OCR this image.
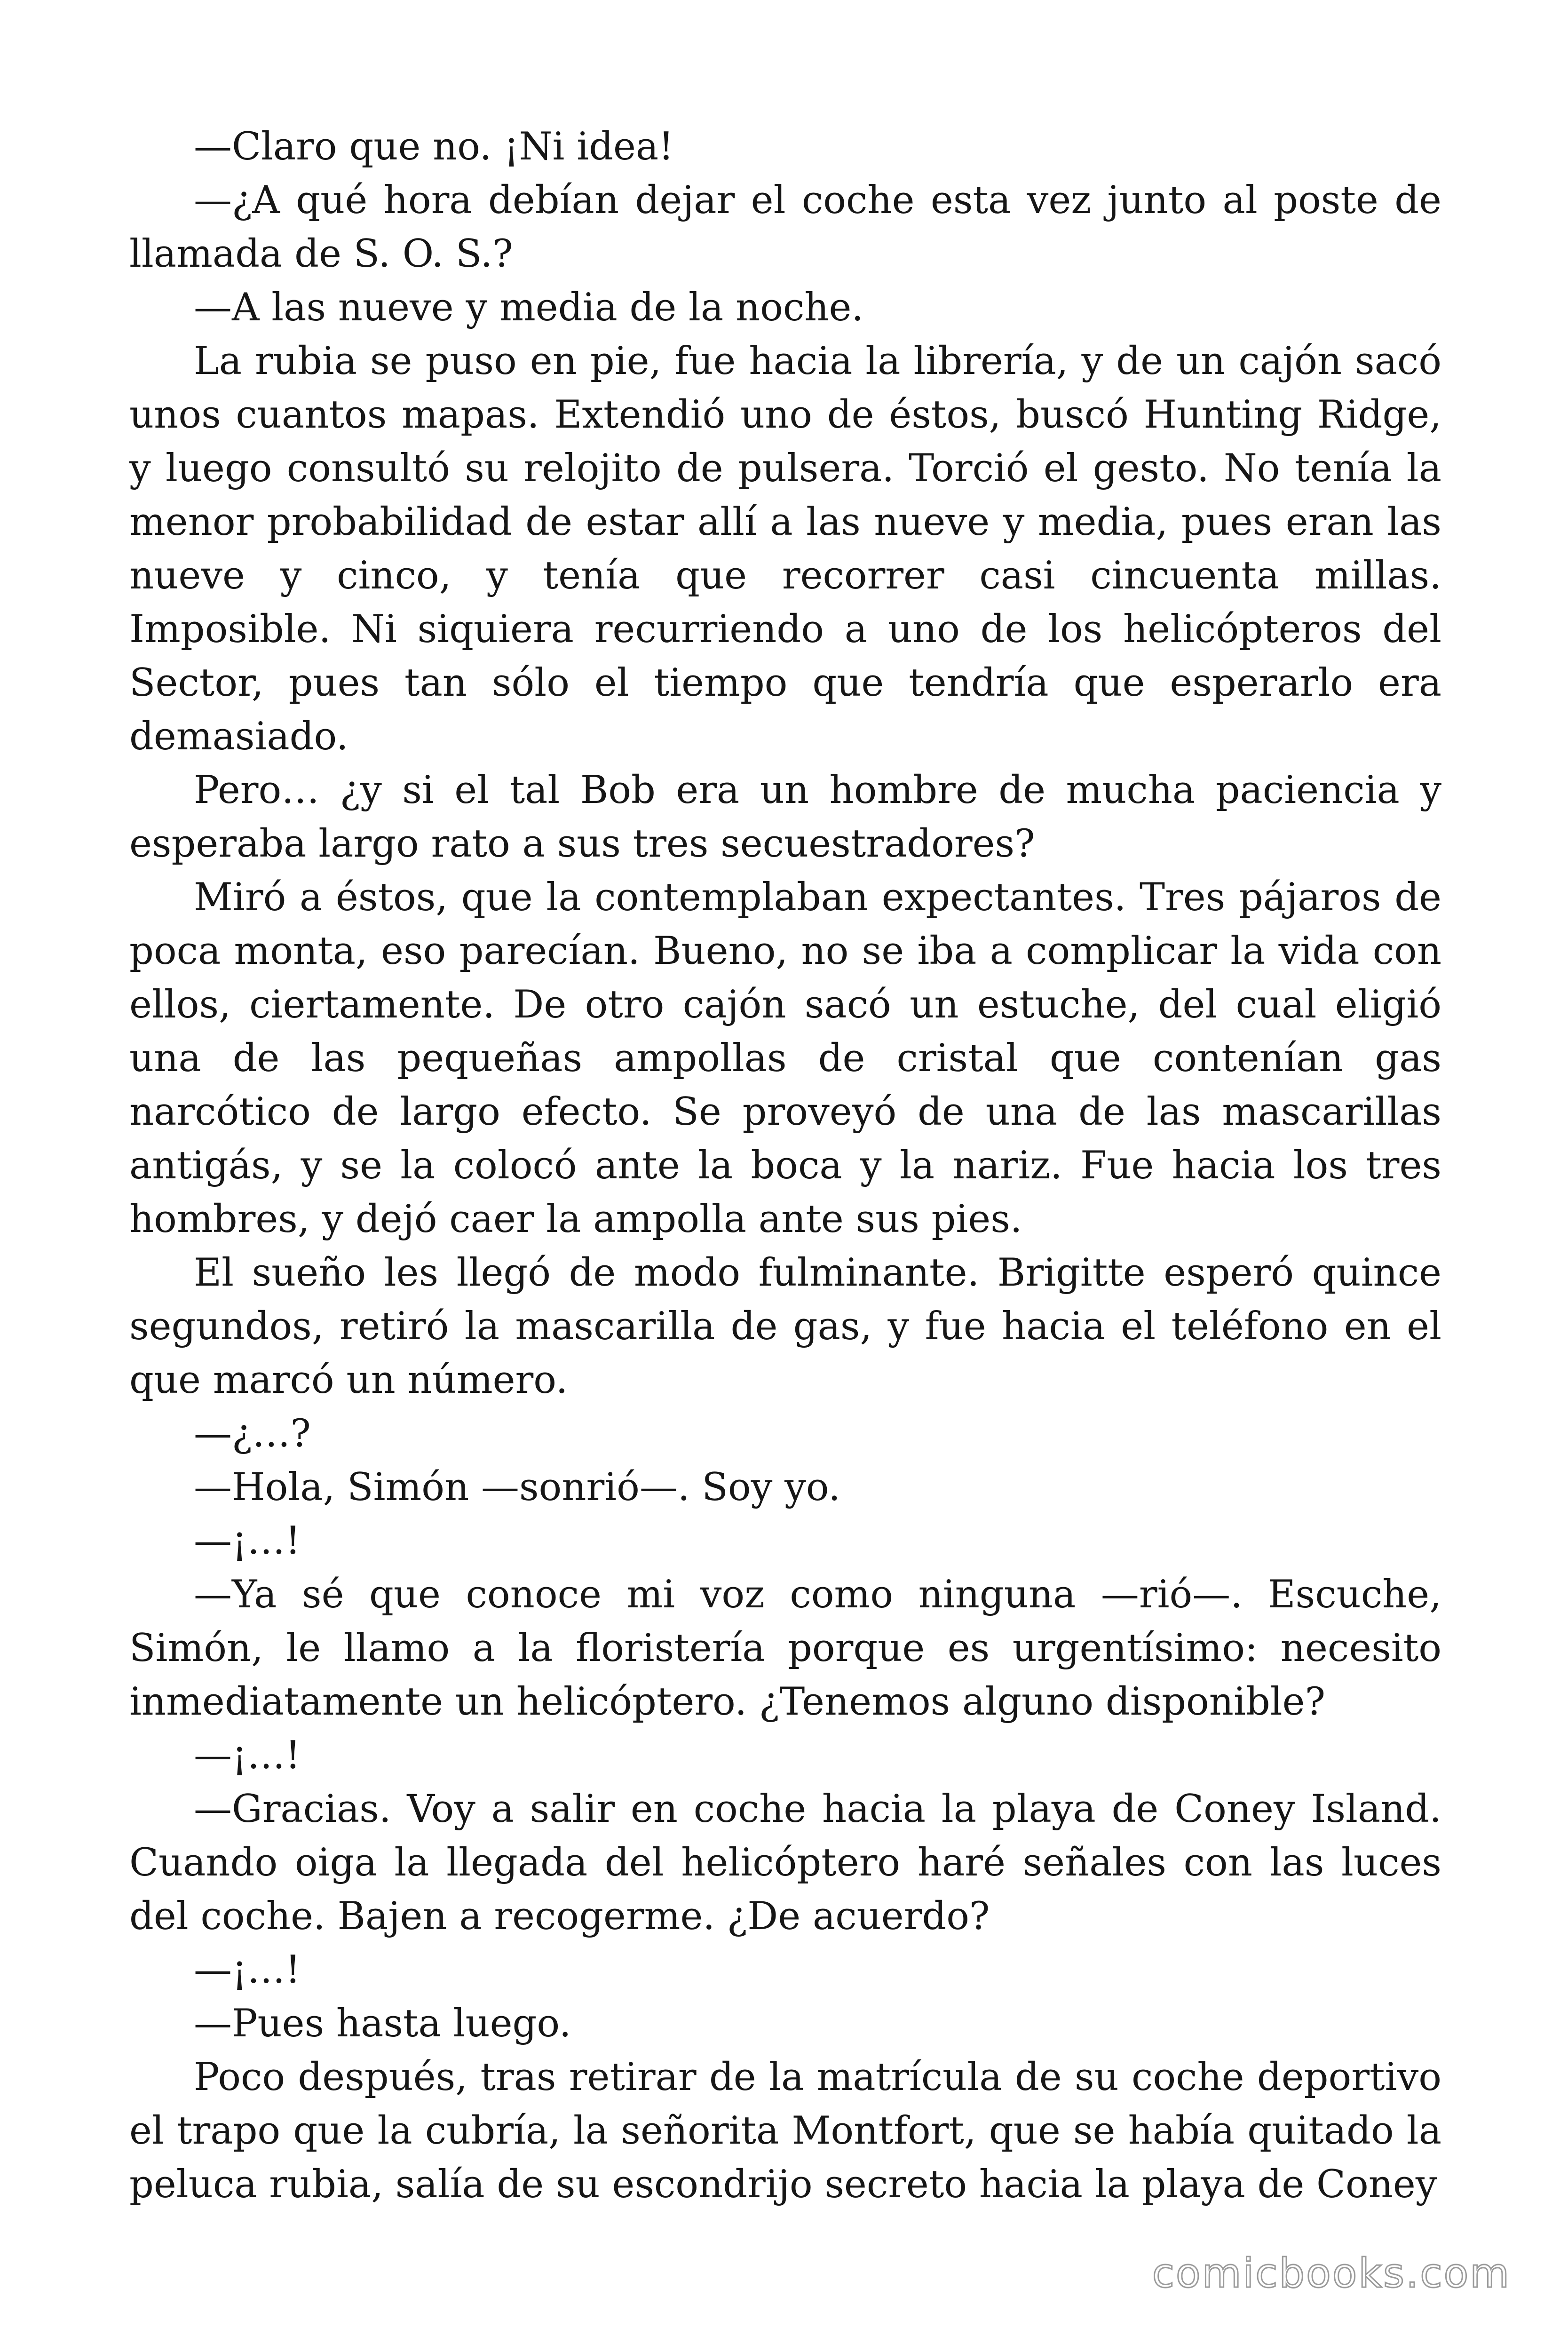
—Claro que no. ¡Ni idea!

—¿A qué hora debían dejar el coche esta vez junto al poste de llamada de S. O. S.?

—A las nueve y media de la noche.

La rubia se puso en pie, fue hacia la librería, y de un cajón sacó unos cuantos mapas. Extendió uno de éstos, buscó Hunting Ridge, y luego consultó su relojito de pulsera. Torció el gesto. No tenía la menor probabilidad de estar allí a las nueve y media, pues eran las nueve y cinco, y tenía que recorrer casi cincuenta millas. Imposible. Ni siquiera recurriendo a uno de los helicópteros del Sector, pues tan sólo el tiempo que tendría que esperarlo era demasiado.

Pero… ¿y si el tal Bob era un hombre de mucha paciencia y esperaba largo rato a sus tres secuestradores?

Miró a éstos, que la contemplaban expectantes. Tres pájaros de poca monta, eso parecían. Bueno, no se iba a complicar la vida con ellos, ciertamente. De otro cajón sacó un estuche, del cual eligió una de las pequeñas ampollas de cristal que contenían gas narcótico de largo efecto. Se proveyó de una de las mascarillas antigás, y se la colocó ante la boca y la nariz. Fue hacia los tres hombres, y dejó caer la ampolla ante sus pies.

El sueño les llegó de modo fulminante. Brigitte esperó quince segundos, retiró la mascarilla de gas, y fue hacia el teléfono en el que marcó un número.

—¿…?

—Hola, Simón —sonrió—. Soy yo.

—¡…!

—Ya sé que conoce mi voz como ninguna —rió—. Escuche, Simón, le llamo a la floristería porque es urgentísimo: necesito inmediatamente un helicóptero. ¿Tenemos alguno disponible?

—¡…!

—Gracias. Voy a salir en coche hacia la playa de Coney Island. Cuando oiga la llegada del helicóptero haré señales con las luces del coche. Bajen a recogerme. ¿De acuerdo?

—¡…!

—Pues hasta luego.

Poco después, tras retirar de la matrícula de su coche deportivo el trapo que la cubría, la señorita Montfort, que se había quitado la peluca rubia, salía de su escondrijo secreto hacia la playa de Coney

comicbooks.com
